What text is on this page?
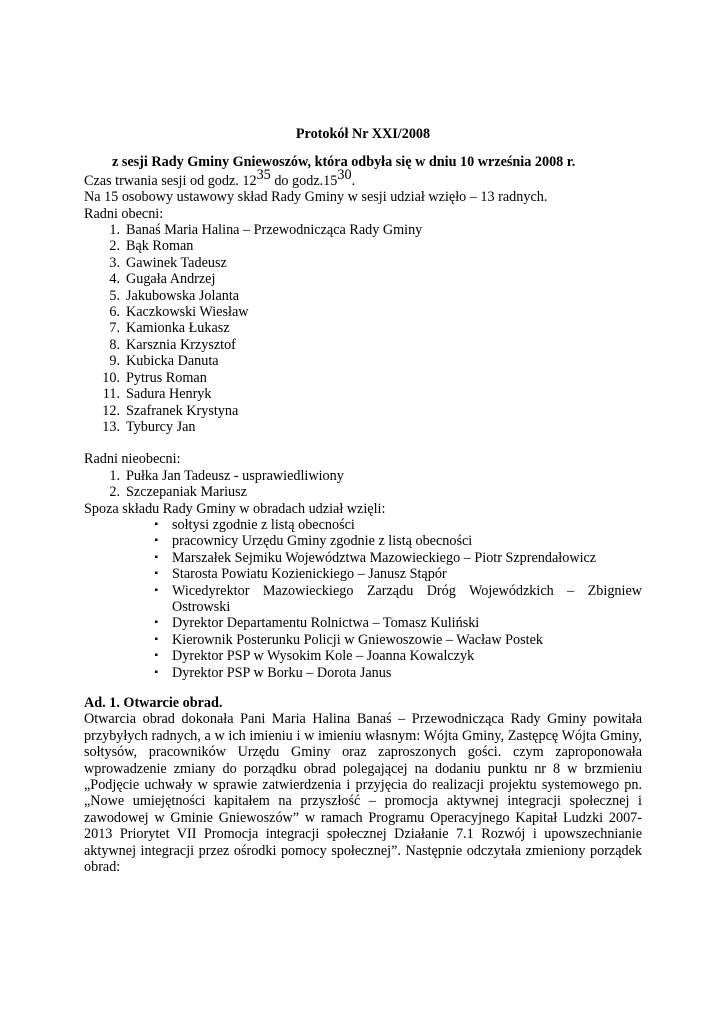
Protokół Nr XXI/2008

z sesji Rady Gminy Gniewoszów, która odbyła się w dniu 10 września 2008 r.

Czas trwania sesji od godz. 1235 do godz.1530.

Na 15 osobowy ustawowy skład Rady Gminy w sesji udział wzięło – 13 radnych.

Radni obecni:

1. Banaś Maria Halina – Przewodnicząca Rady Gminy
2. Bąk Roman
3. Gawinek Tadeusz
4. Gugała Andrzej
5. Jakubowska Jolanta
6. Kaczkowski Wiesław
7. Kamionka Łukasz
8. Karsznia Krzysztof
9. Kubicka Danuta
10. Pytrus Roman
11. Sadura Henryk
12. Szafranek Krystyna
13. Tyburcy Jan

Radni nieobecni:

1. Pułka Jan Tadeusz - usprawiedliwiony
2. Szczepaniak Mariusz

Spoza składu Rady Gminy w obradach udział wzięli:

▪ sołtysi zgodnie z listą obecności
▪ pracownicy Urzędu Gminy zgodnie z listą obecności
▪ Marszałek Sejmiku Województwa Mazowieckiego – Piotr Szprendałowicz
▪ Starosta Powiatu Kozienickiego – Janusz Stąpór
▪ Wicedyrektor Mazowieckiego Zarządu Dróg Wojewódzkich – Zbigniew Ostrowski
▪ Dyrektor Departamentu Rolnictwa – Tomasz Kuliński
▪ Kierownik Posterunku Policji w Gniewoszowie – Wacław Postek
▪ Dyrektor PSP w Wysokim Kole – Joanna Kowalczyk
▪ Dyrektor PSP w Borku – Dorota Janus

Ad. 1. Otwarcie obrad.

Otwarcia obrad dokonała Pani Maria Halina Banaś – Przewodnicząca Rady Gminy powitała przybyłych radnych, a w ich imieniu i w imieniu własnym: Wójta Gminy, Zastępcę Wójta Gminy, sołtysów, pracowników Urzędu Gminy oraz zaproszonych gości. czym zaproponowała wprowadzenie zmiany do porządku obrad polegającej na dodaniu punktu nr 8 w brzmieniu „Podjęcie uchwały w sprawie zatwierdzenia i przyjęcia do realizacji projektu systemowego pn. „Nowe umiejętności kapitałem na przyszłość – promocja aktywnej integracji społecznej i zawodowej w Gminie Gniewoszów” w ramach Programu Operacyjnego Kapitał Ludzki 2007-2013 Priorytet VII Promocja integracji społecznej Działanie 7.1 Rozwój i upowszechnianie aktywnej integracji przez ośrodki pomocy społecznej”. Następnie odczytała zmieniony porządek obrad:
